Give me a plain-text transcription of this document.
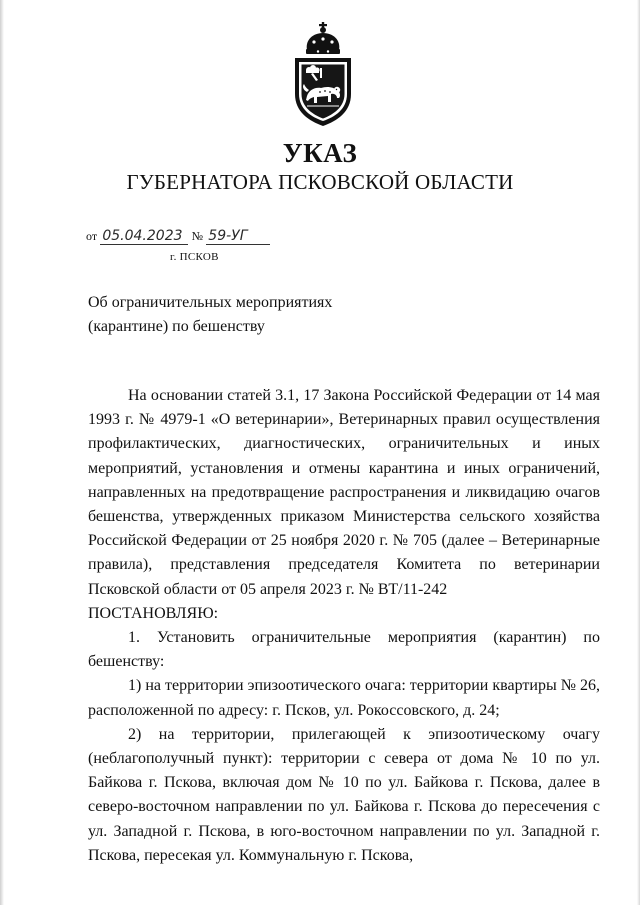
УКАЗ
ГУБЕРНАТОРА ПСКОВСКОЙ ОБЛАСТИ
от 05.04.2023 № 59-УГ
г. ПСКОВ
Об ограничительных мероприятиях
(карантине) по бешенству

На основании статей 3.1, 17 Закона Российской Федерации от 14 мая 1993 г. № 4979-1 «О ветеринарии», Ветеринарных правил осуществления профилактических, диагностических, ограничительных и иных мероприятий, установления и отмены карантина и иных ограничений, направленных на предотвращение распространения и ликвидацию очагов бешенства, утвержденных приказом Министерства сельского хозяйства Российской Федерации от 25 ноября 2020 г. № 705 (далее – Ветеринарные правила), представления председателя Комитета по ветеринарии Псковской области от 05 апреля 2023 г. № ВТ/11-242

ПОСТАНОВЛЯЮ:

1. Установить ограничительные мероприятия (карантин) по бешенству:

1) на территории эпизоотического очага: территории квартиры № 26, расположенной по адресу: г. Псков, ул. Рокоссовского, д. 24;

2) на территории, прилегающей к эпизоотическому очагу (неблагополучный пункт): территории с севера от дома № 10 по ул. Байкова г. Пскова, включая дом № 10 по ул. Байкова г. Пскова, далее в северо-восточном направлении по ул. Байкова г. Пскова до пересечения с ул. Западной г. Пскова, в юго-восточном направлении по ул. Западной г. Пскова, пересекая ул. Коммунальную г. Пскова,
